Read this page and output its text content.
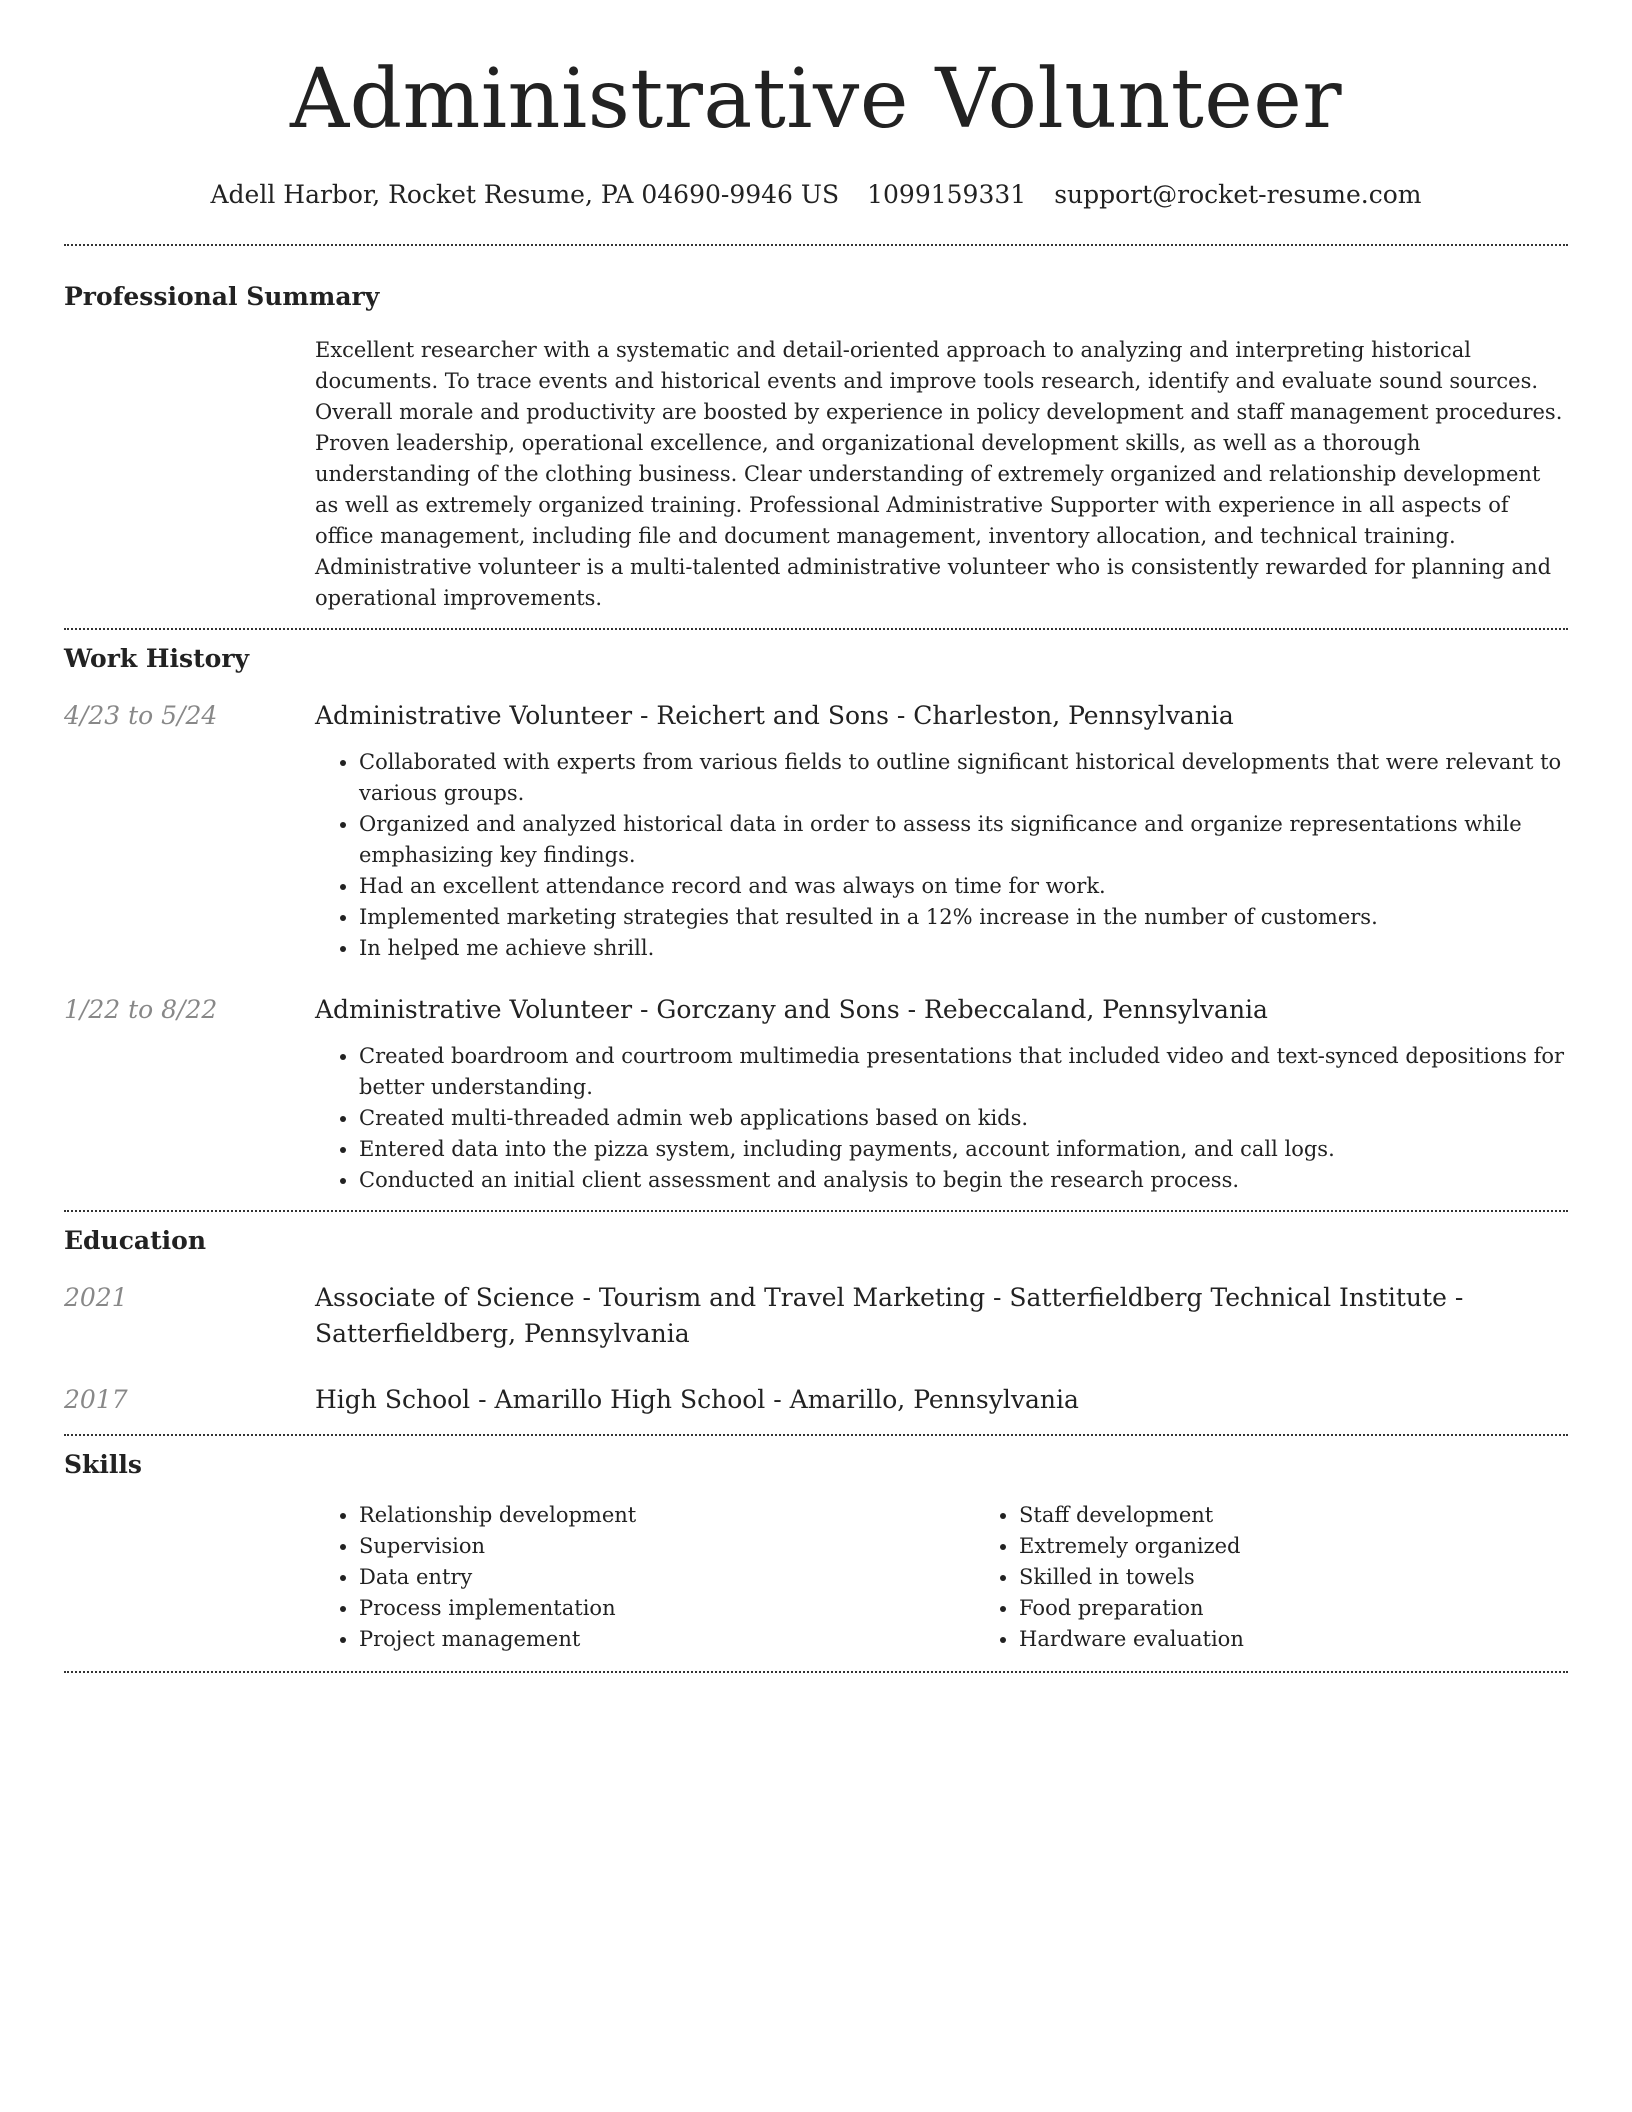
Administrative Volunteer
Adell Harbor, Rocket Resume, PA 04690-9946 US 1099159331 support@rocket-resume.com
Professional Summary

Excellent researcher with a systematic and detail-oriented approach to analyzing and interpreting historical documents. To trace events and historical events and improve tools research, identify and evaluate sound sources. Overall morale and productivity are boosted by experience in policy development and staff management procedures. Proven leadership, operational excellence, and organizational development skills, as well as a thorough understanding of the clothing business. Clear understanding of extremely organized and relationship development as well as extremely organized training. Professional Administrative Supporter with experience in all aspects of office management, including file and document management, inventory allocation, and technical training. Administrative volunteer is a multi-talented administrative volunteer who is consistently rewarded for planning and operational improvements.

Work History
4/23 to 5/24	Administrative Volunteer - Reichert and Sons - Charleston, Pennsylvania
• Collaborated with experts from various fields to outline significant historical developments that were relevant to various groups.
• Organized and analyzed historical data in order to assess its significance and organize representations while emphasizing key findings.
• Had an excellent attendance record and was always on time for work.
• Implemented marketing strategies that resulted in a 12% increase in the number of customers.
• In helped me achieve shrill.
1/22 to 8/22	Administrative Volunteer - Gorczany and Sons - Rebeccaland, Pennsylvania
• Created boardroom and courtroom multimedia presentations that included video and text-synced depositions for better understanding.
• Created multi-threaded admin web applications based on kids.
• Entered data into the pizza system, including payments, account information, and call logs.
• Conducted an initial client assessment and analysis to begin the research process.
Education
2021	Associate of Science - Tourism and Travel Marketing - Satterfieldberg Technical Institute - Satterfieldberg, Pennsylvania
2017	High School - Amarillo High School - Amarillo, Pennsylvania
Skills
• Relationship development
• Supervision
• Data entry
• Process implementation
• Project management
• Staff development
• Extremely organized
• Skilled in towels
• Food preparation
• Hardware evaluation
